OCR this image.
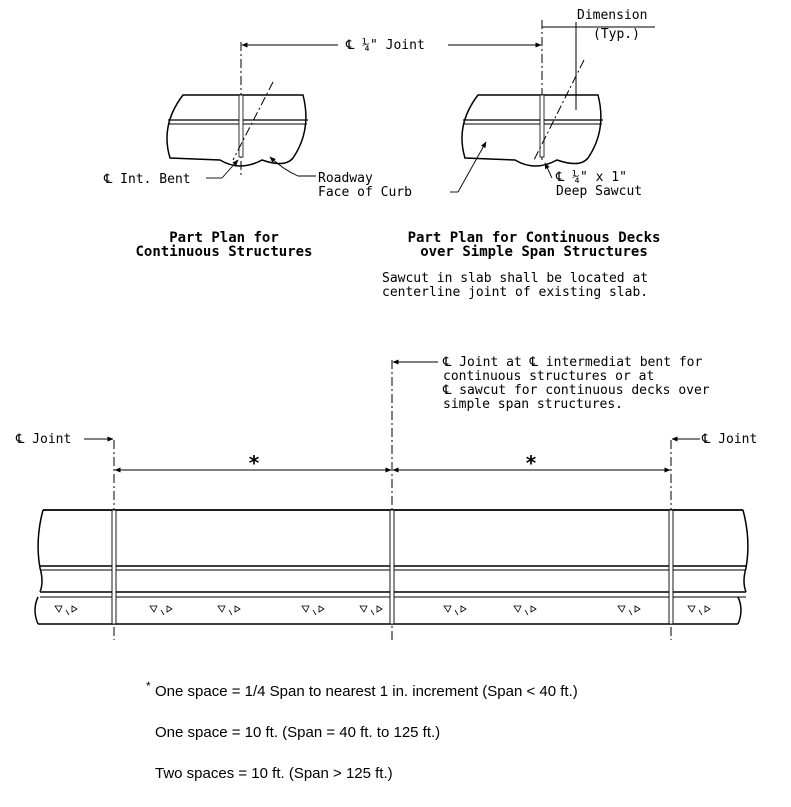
℄ Int. Bent	Roadway
Face of Curb
Part Plan for
Continuous Structures
Dimension
(Typ.)
℄ ¼" Joint
℄ ¼" x 1"
Deep Sawcut
Part Plan for Continuous Decks
over Simple Span Structures
Sawcut in slab shall be located at
centerline joint of existing slab.
℄ Joint at ℄ intermediat bent for
continuous structures or at
℄ sawcut for continuous decks over
simple span structures.
℄ Joint	℄ Joint
*	*
* One space = 1/4 Span to nearest 1 in. increment (Span < 40 ft.)
One space = 10 ft. (Span = 40 ft. to 125 ft.)
Two spaces = 10 ft. (Span > 125 ft.)
